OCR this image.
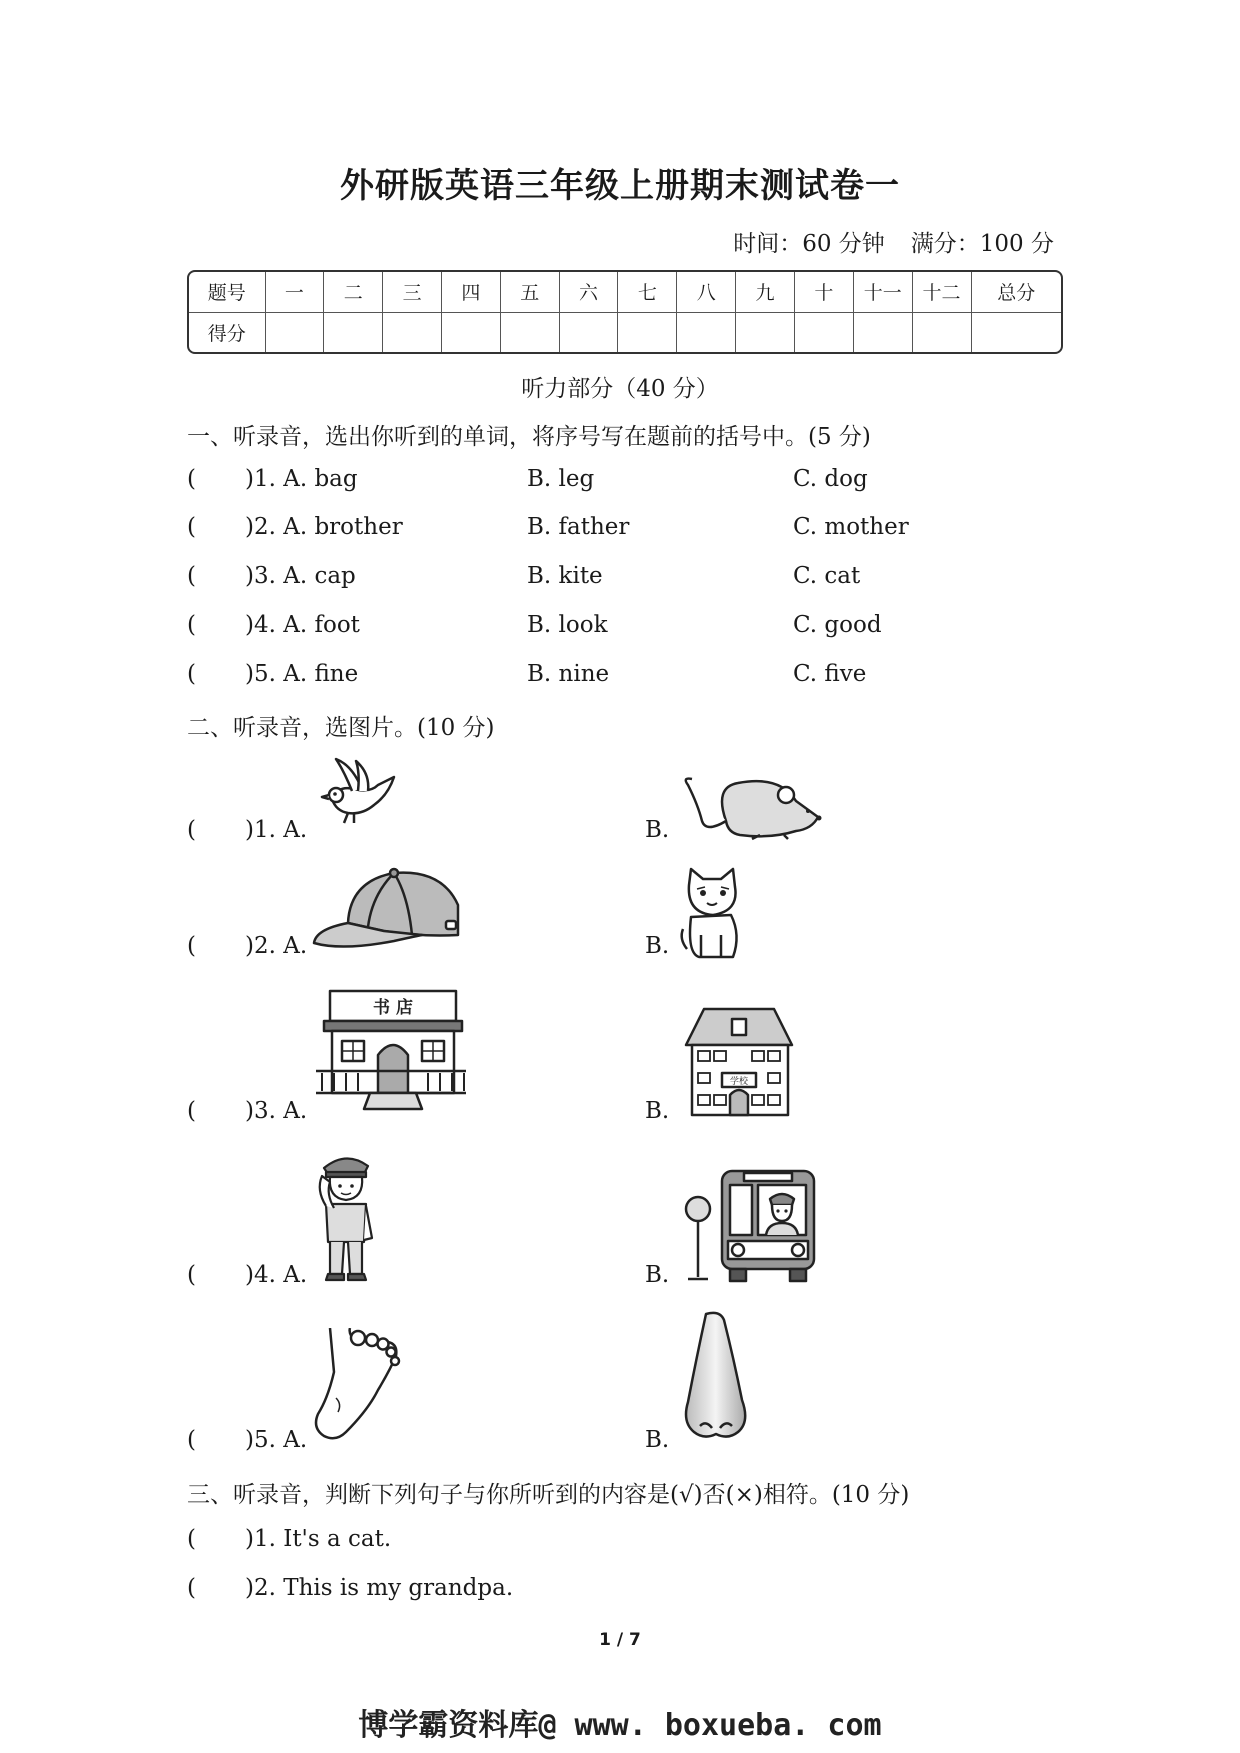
外研版英语三年级上册期末测试卷一
时间：60 分钟 满分：100 分
题号	一	二	三	四	五	六	七	八	九	十	十一	十二	总分
得分													
听力部分（40 分）
一、听录音，选出你听到的单词，将序号写在题前的括号中。(5 分)
( )1. A. bag	B. leg	C. dog
( )2. A. brother	B. father	C. mother
( )3. A. cap	B. kite	C. cat
( )4. A. foot	B. look	C. good
( )5. A. fine	B. nine	C. five
二、听录音，选图片。(10 分)
( )1. A.	B.
( )2. A.	B.
( )3. A.	B.
( )4. A.	B.
( )5. A.	B.
书 店
学校
三、听录音，判断下列句子与你所听到的内容是(√)否(×)相符。(10 分)
( )1. It's a cat.
( )2. This is my grandpa.
1 / 7
博学霸资料库@ www. boxueba. com
